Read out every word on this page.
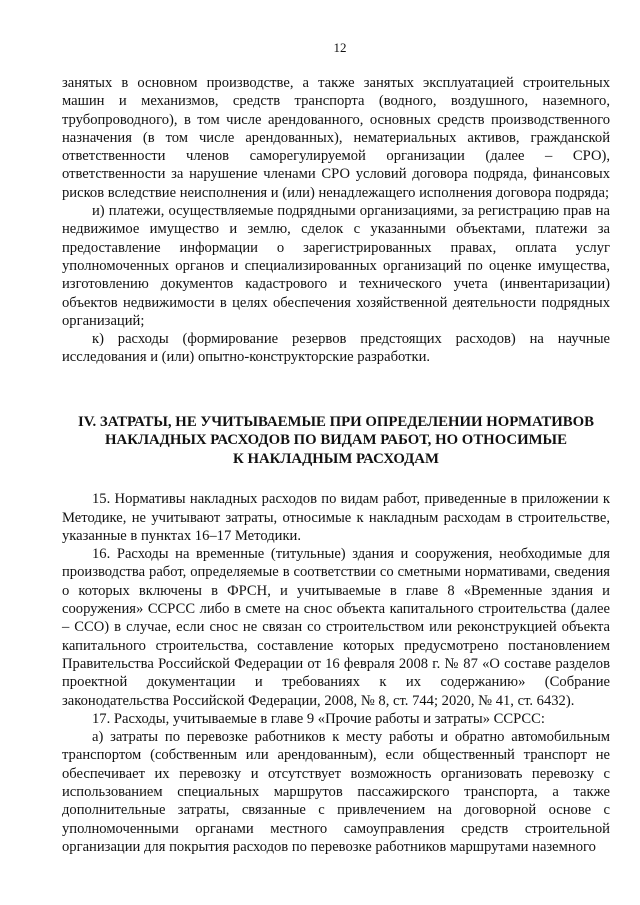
12

занятых в основном производстве, а также занятых эксплуатацией строительных машин и механизмов, средств транспорта (водного, воздушного, наземного, трубопроводного), в том числе арендованного, основных средств производственного назначения (в том числе арендованных), нематериальных активов, гражданской ответственности членов саморегулируемой организации (далее – СРО), ответственности за нарушение членами СРО условий договора подряда, финансовых рисков вследствие неисполнения и (или) ненадлежащего исполнения договора подряда;

и) платежи, осуществляемые подрядными организациями, за регистрацию прав на недвижимое имущество и землю, сделок с указанными объектами, платежи за предоставление информации о зарегистрированных правах, оплата услуг уполномоченных органов и специализированных организаций по оценке имущества, изготовлению документов кадастрового и технического учета (инвентаризации) объектов недвижимости в целях обеспечения хозяйственной деятельности подрядных организаций;

к) расходы (формирование резервов предстоящих расходов) на научные исследования и (или) опытно-конструкторские разработки.

IV. ЗАТРАТЫ, НЕ УЧИТЫВАЕМЫЕ ПРИ ОПРЕДЕЛЕНИИ НОРМАТИВОВ
НАКЛАДНЫХ РАСХОДОВ ПО ВИДАМ РАБОТ, НО ОТНОСИМЫЕ
К НАКЛАДНЫМ РАСХОДАМ

15. Нормативы накладных расходов по видам работ, приведенные в приложении к Методике, не учитывают затраты, относимые к накладным расходам в строительстве, указанные в пунктах 16–17 Методики.

16. Расходы на временные (титульные) здания и сооружения, необходимые для производства работ, определяемые в соответствии со сметными нормативами, сведения о которых включены в ФРСН, и учитываемые в главе 8 «Временные здания и сооружения» ССРСС либо в смете на снос объекта капитального строительства (далее – ССО) в случае, если снос не связан со строительством или реконструкцией объекта капитального строительства, составление которых предусмотрено постановлением Правительства Российской Федерации от 16 февраля 2008 г. № 87 «О составе разделов проектной документации и требованиях к их содержанию» (Собрание законодательства Российской Федерации, 2008, № 8, ст. 744; 2020, № 41, ст. 6432).

17. Расходы, учитываемые в главе 9 «Прочие работы и затраты» ССРСС:

а) затраты по перевозке работников к месту работы и обратно автомобильным транспортом (собственным или арендованным), если общественный транспорт не обеспечивает их перевозку и отсутствует возможность организовать перевозку с использованием специальных маршрутов пассажирского транспорта, а также дополнительные затраты, связанные с привлечением на договорной основе с уполномоченными органами местного самоуправления средств строительной организации для покрытия расходов по перевозке работников маршрутами наземного
